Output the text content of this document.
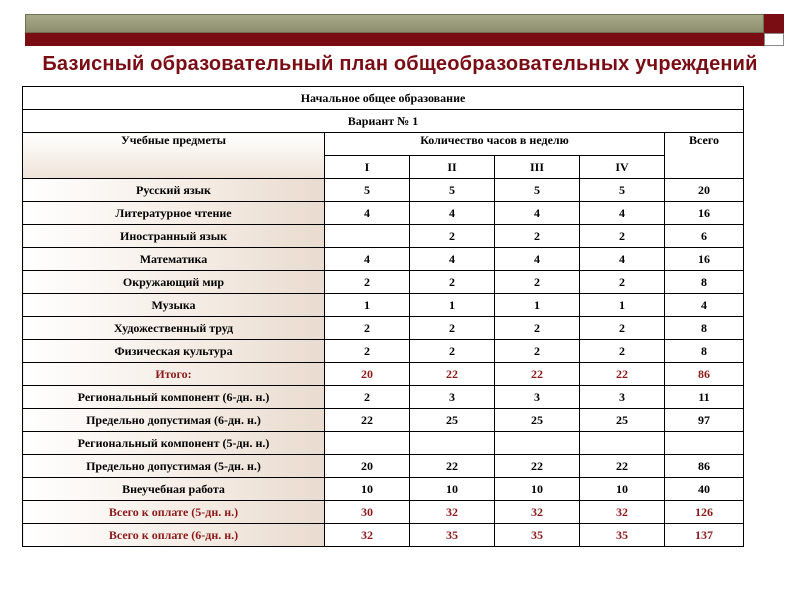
Базисный образовательный план общеобразовательных учреждений
Начальное общее образование					
Вариант № 1					
Учебные предметы	Количество часов в неделю				Всего
	I	II	III	IV	
Русский язык	5	5	5	5	20
Литературное чтение	4	4	4	4	16
Иностранный язык		2	2	2	6
Математика	4	4	4	4	16
Окружающий мир	2	2	2	2	8
Музыка	1	1	1	1	4
Художественный труд	2	2	2	2	8
Физическая культура	2	2	2	2	8
Итого:	20	22	22	22	86
Региональный компонент (6-дн. н.)	2	3	3	3	11
Предельно допустимая (6-дн. н.)	22	25	25	25	97
Региональный компонент (5-дн. н.)					
Предельно допустимая (5-дн. н.)	20	22	22	22	86
Внеучебная работа	10	10	10	10	40
Всего к оплате (5-дн. н.)	30	32	32	32	126
Всего к оплате (6-дн. н.)	32	35	35	35	137
